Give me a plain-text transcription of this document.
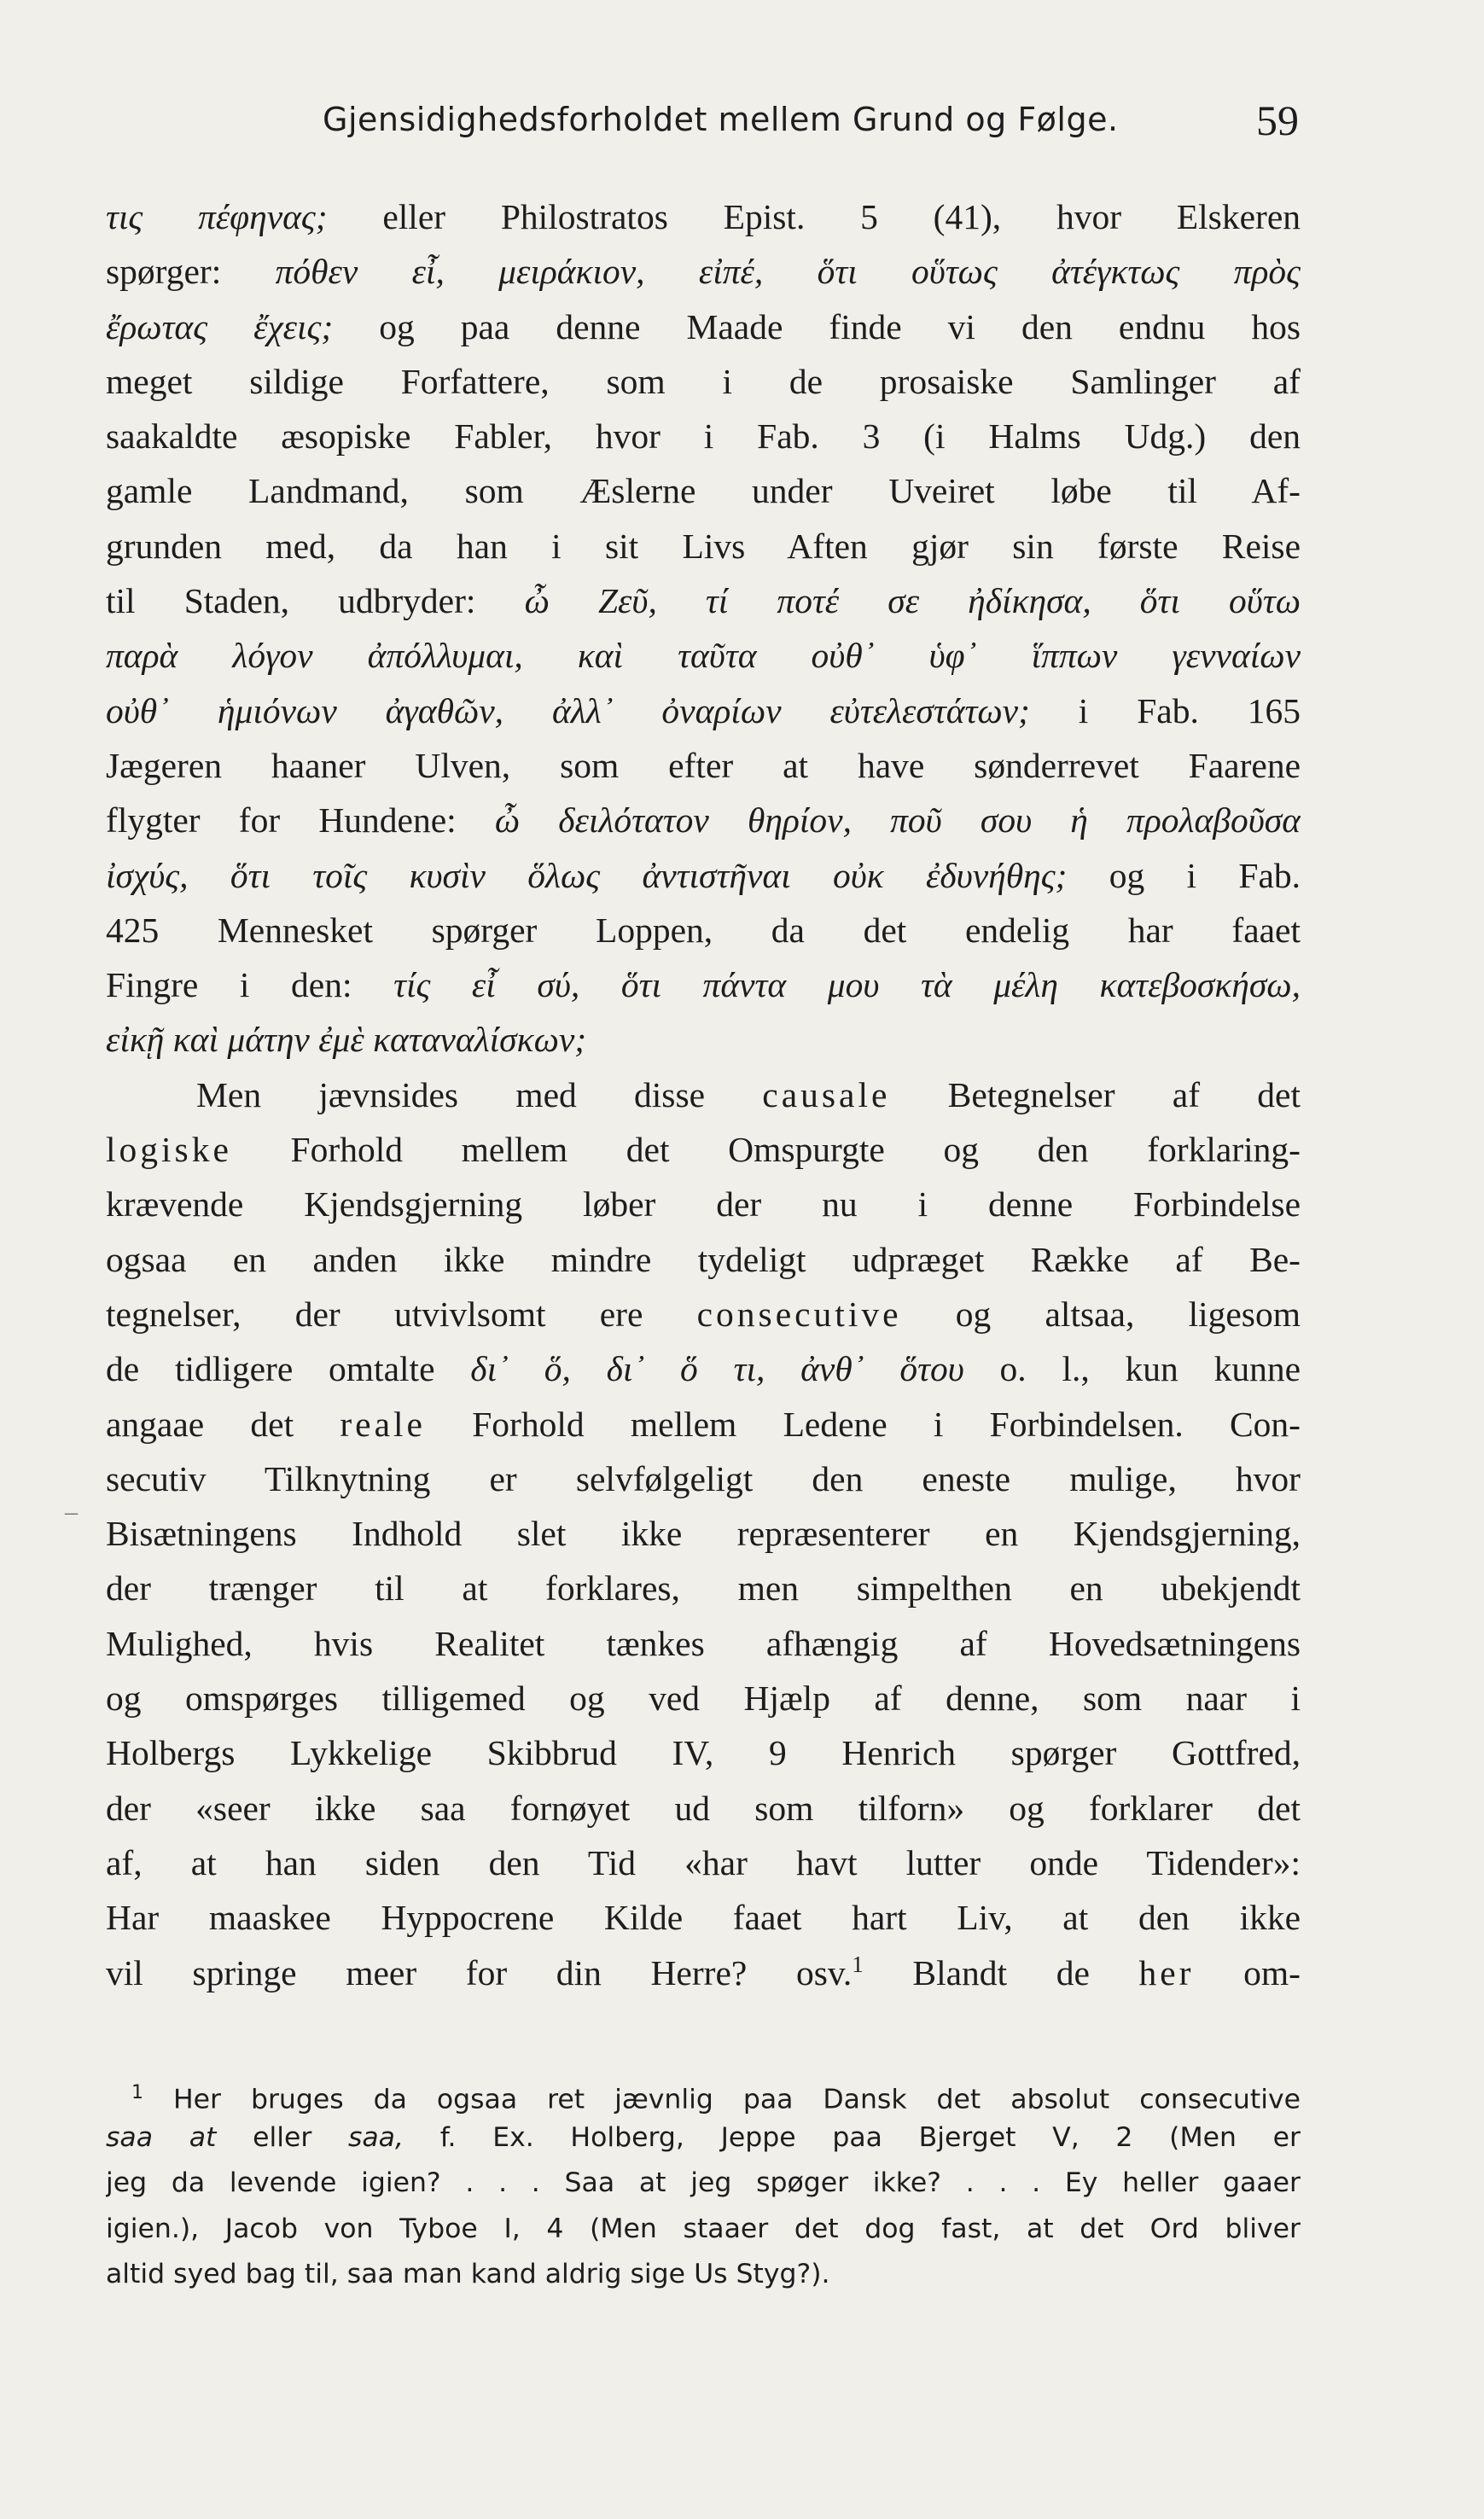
Gjensidighedsforholdet mellem Grund og Følge.	59
_
τις πέφηνας; eller Philostratos Epist. 5 (41), hvor Elskeren
spørger: πόθεν εἶ, μειράκιον, εἰπέ, ὅτι οὕτως ἀτέγκτως πρὸς
ἔρωτας ἔχεις; og paa denne Maade finde vi den endnu hos
meget sildige Forfattere, som i de prosaiske Samlinger af
saakaldte æsopiske Fabler, hvor i Fab. 3 (i Halms Udg.) den
gamle Landmand, som Æslerne under Uveiret løbe til Af-
grunden med, da han i sit Livs Aften gjør sin første Reise
til Staden, udbryder: ὦ Ζεῦ, τί ποτέ σε ἠδίκησα, ὅτι οὕτω
παρὰ λόγον ἀπόλλυμαι, καὶ ταῦτα οὐθ᾽ ὑφ᾽ ἵππων γενναίων
οὐθ᾽ ἡμιόνων ἀγαθῶν, ἀλλ᾽ ὀναρίων εὐτελεστάτων; i Fab. 165
Jægeren haaner Ulven, som efter at have sønderrevet Faarene
flygter for Hundene: ὦ δειλότατον θηρίον, ποῦ σου ἡ προλαβοῦσα
ἰσχύς, ὅτι τοῖς κυσὶν ὅλως ἀντιστῆναι οὐκ ἐδυνήθης; og i Fab.
425 Mennesket spørger Loppen, da det endelig har faaet
Fingre i den: τίς εἶ σύ, ὅτι πάντα μου τὰ μέλη κατεβοσκήσω,
εἰκῇ καὶ μάτην ἐμὲ καταναλίσκων;
Men jævnsides med disse causale Betegnelser af det
logiske Forhold mellem det Omspurgte og den forklaring-
krævende Kjendsgjerning løber der nu i denne Forbindelse
ogsaa en anden ikke mindre tydeligt udpræget Række af Be-
tegnelser, der utvivlsomt ere consecutive og altsaa, ligesom
de tidligere omtalte δι᾽ ὅ, δι᾽ ὅ τι, ἀνθ᾽ ὅτου o. l., kun kunne
angaae det reale Forhold mellem Ledene i Forbindelsen. Con-
secutiv Tilknytning er selvfølgeligt den eneste mulige, hvor
Bisætningens Indhold slet ikke repræsenterer en Kjendsgjerning,
der trænger til at forklares, men simpelthen en ubekjendt
Mulighed, hvis Realitet tænkes afhængig af Hovedsætningens
og omspørges tilligemed og ved Hjælp af denne, som naar i
Holbergs Lykkelige Skibbrud IV, 9 Henrich spørger Gottfred,
der «seer ikke saa fornøyet ud som tilforn» og forklarer det
af, at han siden den Tid «har havt lutter onde Tidender»:
Har maaskee Hyppocrene Kilde faaet hart Liv, at den ikke
vil springe meer for din Herre? osv.$^1$ Blandt de her om-
$^1$ Her bruges da ogsaa ret jævnlig paa Dansk det absolut consecutive
saa at eller saa, f. Ex. Holberg, Jeppe paa Bjerget V, 2 (Men er
jeg da levende igien? . . . Saa at jeg spøger ikke? . . . Ey heller gaaer
igien.), Jacob von Tyboe I, 4 (Men staaer det dog fast, at det Ord bliver
altid syed bag til, saa man kand aldrig sige Us Styg?).
